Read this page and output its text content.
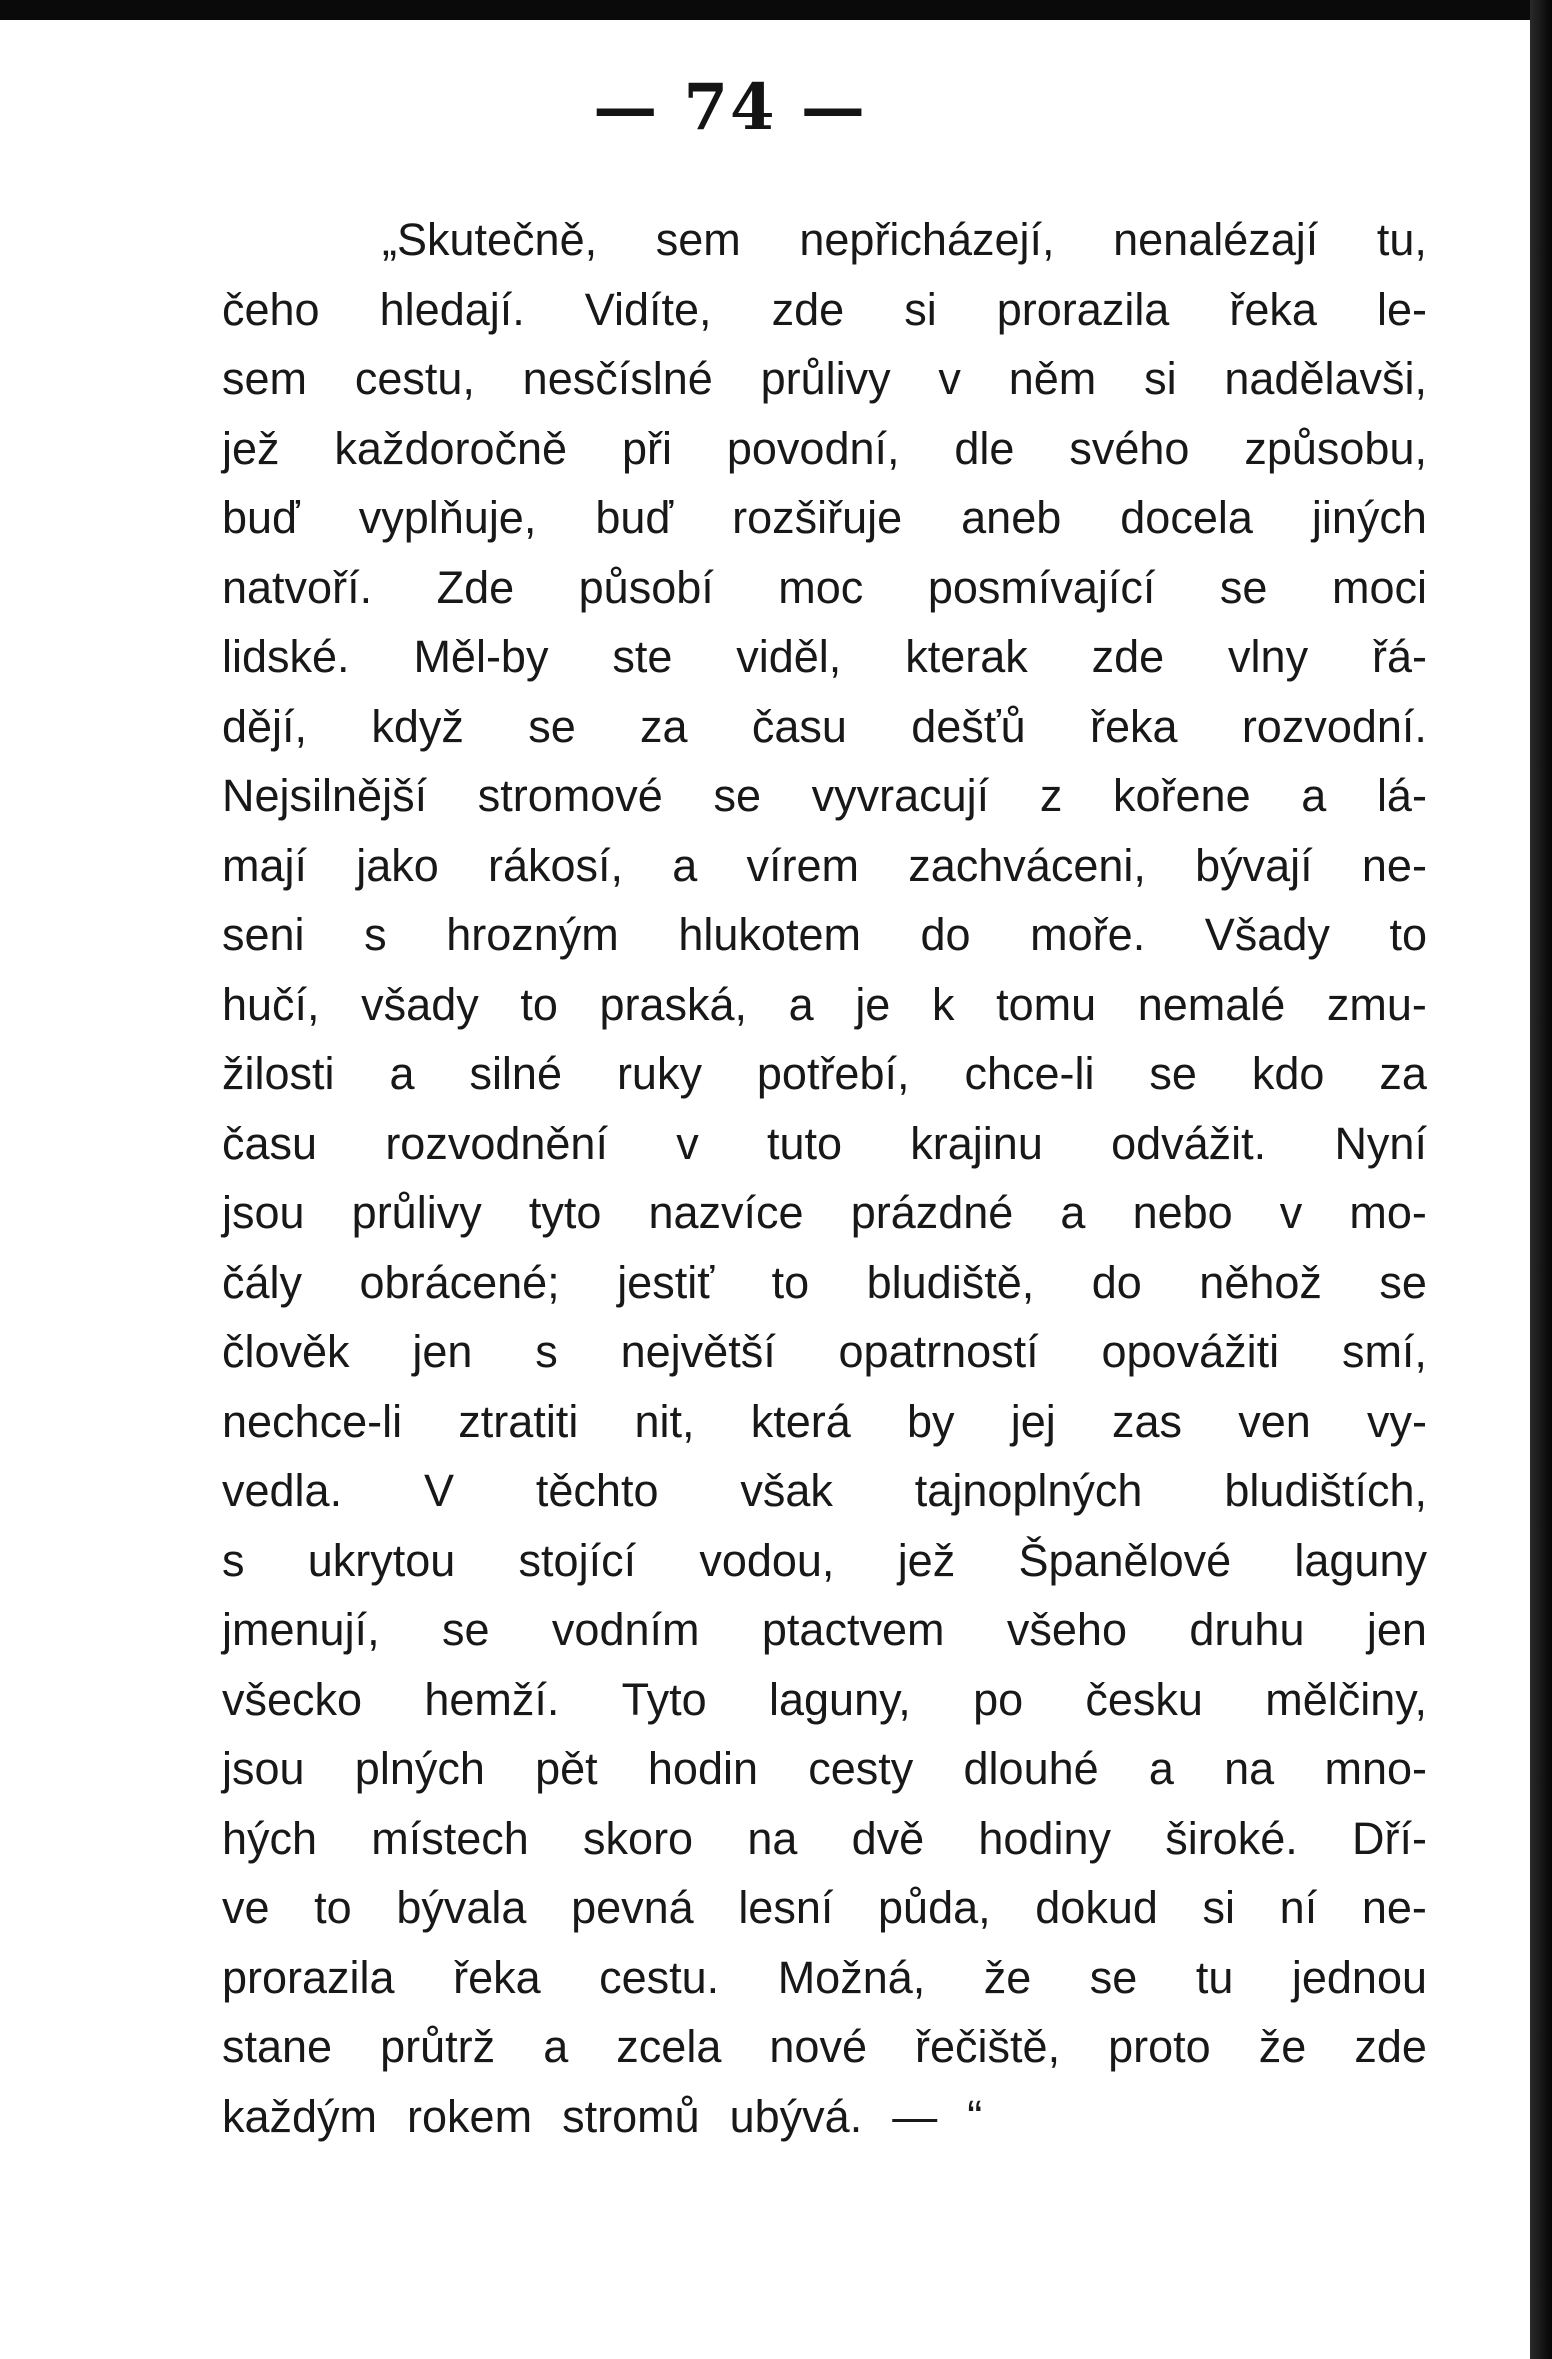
— 74 —
„Skutečně, sem nepřicházejí, nenalézají tu,
čeho hledají. Vidíte, zde si prorazila řeka le-
sem cestu, nesčíslné průlivy v něm si nadělavši,
jež každoročně při povodní, dle svého způsobu,
buď vyplňuje, buď rozšiřuje aneb docela jiných
natvoří. Zde působí moc posmívající se moci
lidské. Měl-by ste viděl, kterak zde vlny řá-
dějí, když se za času dešťů řeka rozvodní.
Nejsilnější stromové se vyvracují z kořene a lá-
mají jako rákosí, a vírem zachváceni, bývají ne-
seni s hrozným hlukotem do moře. Všady to
hučí, všady to praská, a je k tomu nemalé zmu-
žilosti a silné ruky potřebí, chce-li se kdo za
času rozvodnění v tuto krajinu odvážit. Nyní
jsou průlivy tyto nazvíce prázdné a nebo v mo-
čály obrácené; jestiť to bludiště, do něhož se
člověk jen s největší opatrností opovážiti smí,
nechce-li ztratiti nit, která by jej zas ven vy-
vedla. V těchto však tajnoplných bludištích,
s ukrytou stojící vodou, jež Španělové laguny
jmenují, se vodním ptactvem všeho druhu jen
všecko hemží. Tyto laguny, po česku mělčiny,
jsou plných pět hodin cesty dlouhé a na mno-
hých místech skoro na dvě hodiny široké. Dří-
ve to bývala pevná lesní půda, dokud si ní ne-
prorazila řeka cestu. Možná, že se tu jednou
stane průtrž a zcela nové řečiště, proto že zde
každým rokem stromů ubývá. — “
